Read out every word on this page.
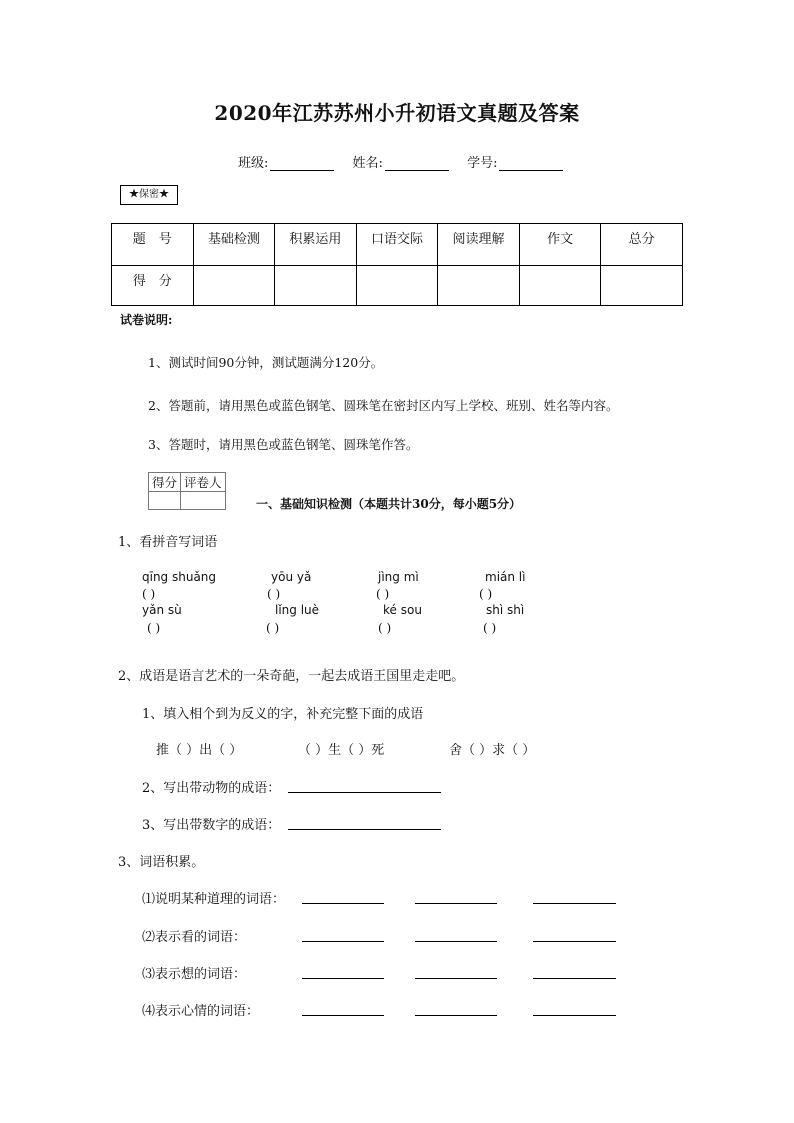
2020年江苏苏州小升初语文真题及答案
班级:	姓名:	学号:
★保密★
题　号	基础检测	积累运用	口语交际	阅读理解	作文	总分
得　分						
试卷说明:
1、测试时间90分钟，测试题满分120分。
2、答题前，请用黑色或蓝色钢笔、圆珠笔在密封区内写上学校、班别、姓名等内容。
3、答题时，请用黑色或蓝色钢笔、圆珠笔作答。
得分	评卷人

一、基础知识检测（本题共计30分，每小题5分）
1、看拼音写词语
qīng shuǎng	yōu yǎ	jìng mì	mián lì
( )	( )	( )	( )
yǎn sù	lǐng luè	ké sou	shì shì
( )	( )	( )	( )
2、成语是语言艺术的一朵奇葩，一起去成语王国里走走吧。
1、填入相个到为反义的字，补充完整下面的成语
推（ ）出（ ）	（ ）生（ ）死	舍（ ）求（ ）
2、写出带动物的成语：
3、写出带数字的成语：
3、词语积累。
⑴说明某种道理的词语：
⑵表示看的词语：
⑶表示想的词语：
⑷表示心情的词语：
